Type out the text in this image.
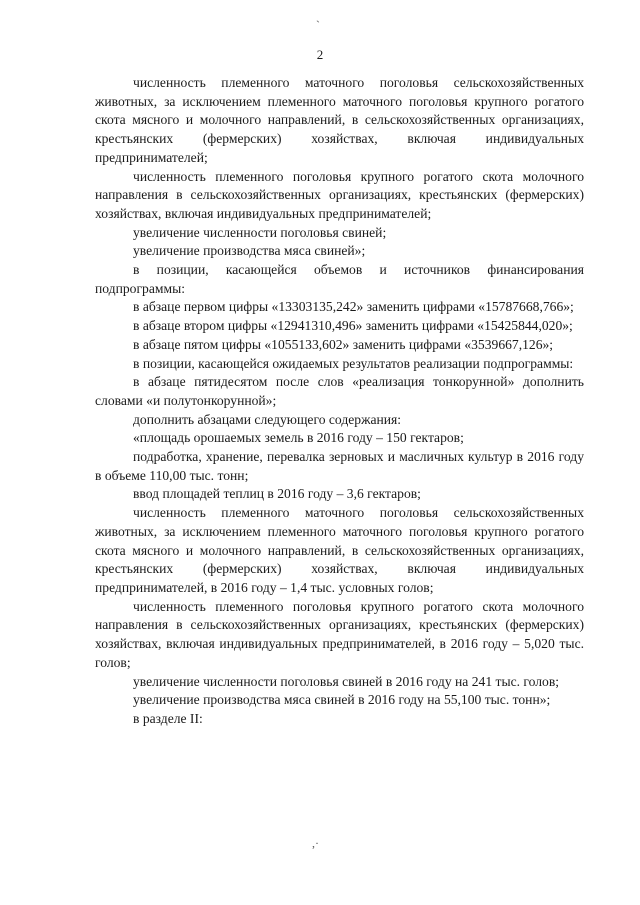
`
2

численность племенного маточного поголовья сельскохозяйственных животных, за исключением племенного маточного поголовья крупного рогатого скота мясного и молочного направлений, в сельскохозяйственных организациях, крестьянских (фермерских) хозяйствах, включая индивидуальных предпринимателей;

численность племенного поголовья крупного рогатого скота молочного направления в сельскохозяйственных организациях, крестьянских (фермерских) хозяйствах, включая индивидуальных предпринимателей;

увеличение численности поголовья свиней;

увеличение производства мяса свиней»;

в позиции, касающейся объемов и источников финансирования подпрограммы:

в абзаце первом цифры «13303135,242» заменить цифрами «15787668,766»;

в абзаце втором цифры «12941310,496» заменить цифрами «15425844,020»;

в абзаце пятом цифры «1055133,602» заменить цифрами «3539667,126»;

в позиции, касающейся ожидаемых результатов реализации подпрограммы:

в абзаце пятидесятом после слов «реализация тонкорунной» дополнить словами «и полутонкорунной»;

дополнить абзацами следующего содержания:

«площадь орошаемых земель в 2016 году – 150 гектаров;

подработка, хранение, перевалка зерновых и масличных культур в 2016 году в объеме 110,00 тыс. тонн;

ввод площадей теплиц в 2016 году – 3,6 гектаров;

численность племенного маточного поголовья сельскохозяйственных животных, за исключением племенного маточного поголовья крупного рогатого скота мясного и молочного направлений, в сельскохозяйственных организациях, крестьянских (фермерских) хозяйствах, включая индивидуальных предпринимателей, в 2016 году – 1,4 тыс. условных голов;

численность племенного поголовья крупного рогатого скота молочного направления в сельскохозяйственных организациях, крестьянских (фермерских) хозяйствах, включая индивидуальных предпринимателей, в 2016 году – 5,020 тыс. голов;

увеличение численности поголовья свиней в 2016 году на 241 тыс. голов;

увеличение производства мяса свиней в 2016 году на 55,100 тыс. тонн»;

в разделе II:

,·
